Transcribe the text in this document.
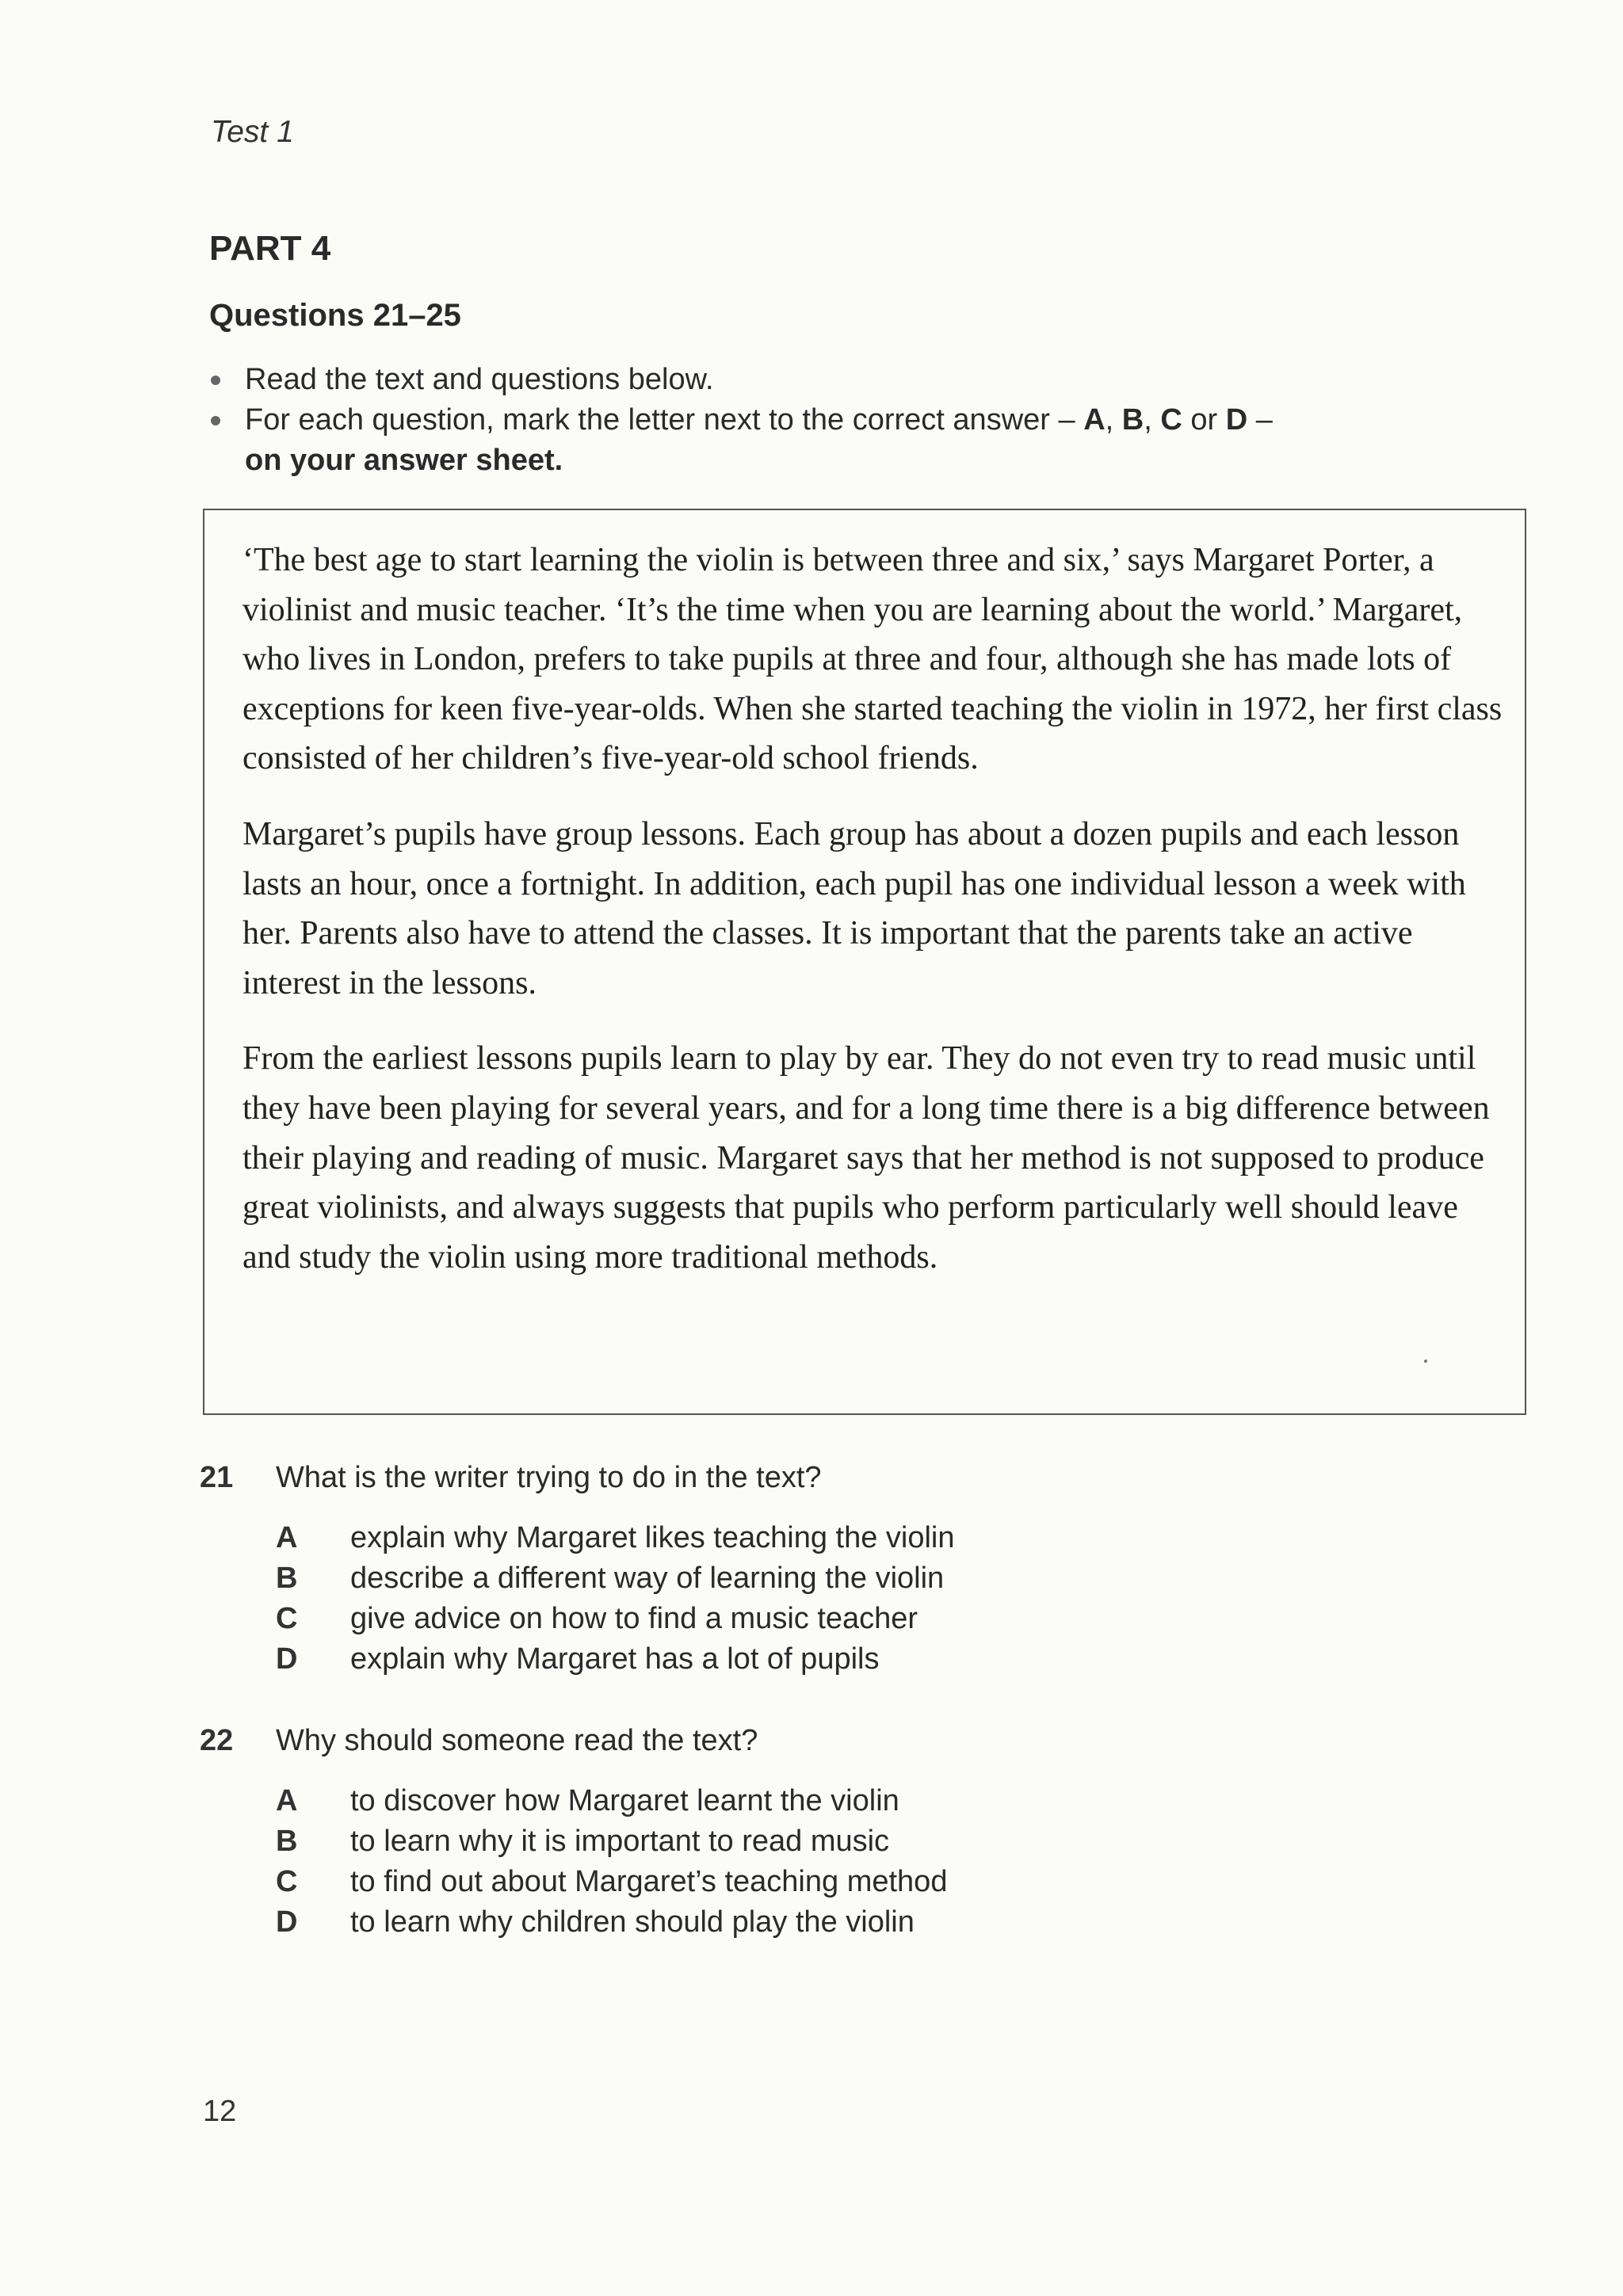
Test 1
PART 4
Questions 21–25
Read the text and questions below.
For each question, mark the letter next to the correct answer – A, B, C or D –
on your answer sheet.

‘The best age to start learning the violin is between three and six,’ says Margaret Porter, a violinist and music teacher. ‘It’s the time when you are learning about the world.’ Margaret, who lives in London, prefers to take pupils at three and four, although she has made lots of exceptions for keen five-year-olds. When she started teaching the violin in 1972, her first class consisted of her children’s five-year-old school friends.

Margaret’s pupils have group lessons. Each group has about a dozen pupils and each lesson lasts an hour, once a fortnight. In addition, each pupil has one individual lesson a week with her. Parents also have to attend the classes. It is important that the parents take an active interest in the lessons.

From the earliest lessons pupils learn to play by ear. They do not even try to read music until they have been playing for several years, and for a long time there is a big difference between their playing and reading of music. Margaret says that her method is not supposed to produce great violinists, and always suggests that pupils who perform particularly well should leave and study the violin using more traditional methods.

21 What is the writer trying to do in the text?
A explain why Margaret likes teaching the violin
B describe a different way of learning the violin
C give advice on how to find a music teacher
D explain why Margaret has a lot of pupils
22 Why should someone read the text?
A to discover how Margaret learnt the violin
B to learn why it is important to read music
C to find out about Margaret’s teaching method
D to learn why children should play the violin
12
